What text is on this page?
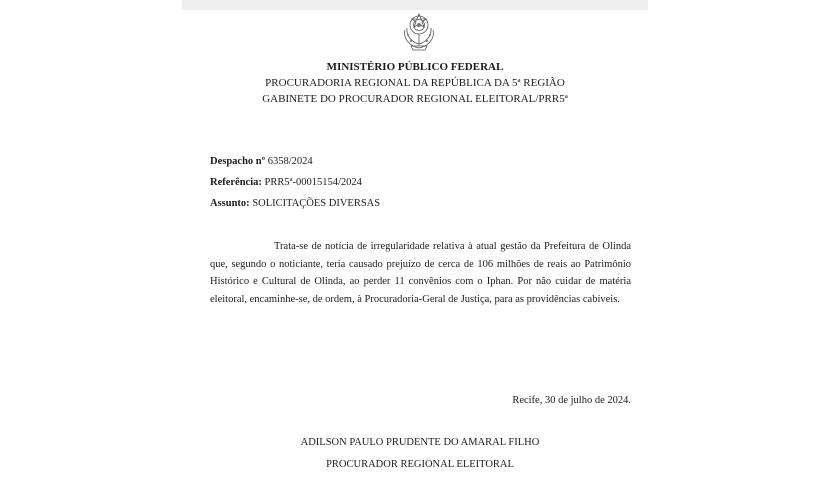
MINISTÉRIO PÚBLICO FEDERAL
PROCURADORIA REGIONAL DA REPÚBLICA DA 5ª REGIÃO
GABINETE DO PROCURADOR REGIONAL ELEITORAL/PRR5ª
Despacho nº 6358/2024
Referência: PRR5ª-00015154/2024
Assunto: SOLICITAÇÕES DIVERSAS

Trata-se de notícia de irregularidade relativa à atual gestão da Prefeitura de Olinda que, segundo o noticiante, teria causado prejuízo de cerca de 106 milhões de reais ao Patrimônio Histórico e Cultural de Olinda, ao perder 11 convênios com o Iphan. Por não cuidar de matéria eleitoral, encaminhe-se, de ordem, à Procuradoria-Geral de Justiça, para as providências cabíveis.

Recife, 30 de julho de 2024.
ADILSON PAULO PRUDENTE DO AMARAL FILHO
PROCURADOR REGIONAL ELEITORAL
